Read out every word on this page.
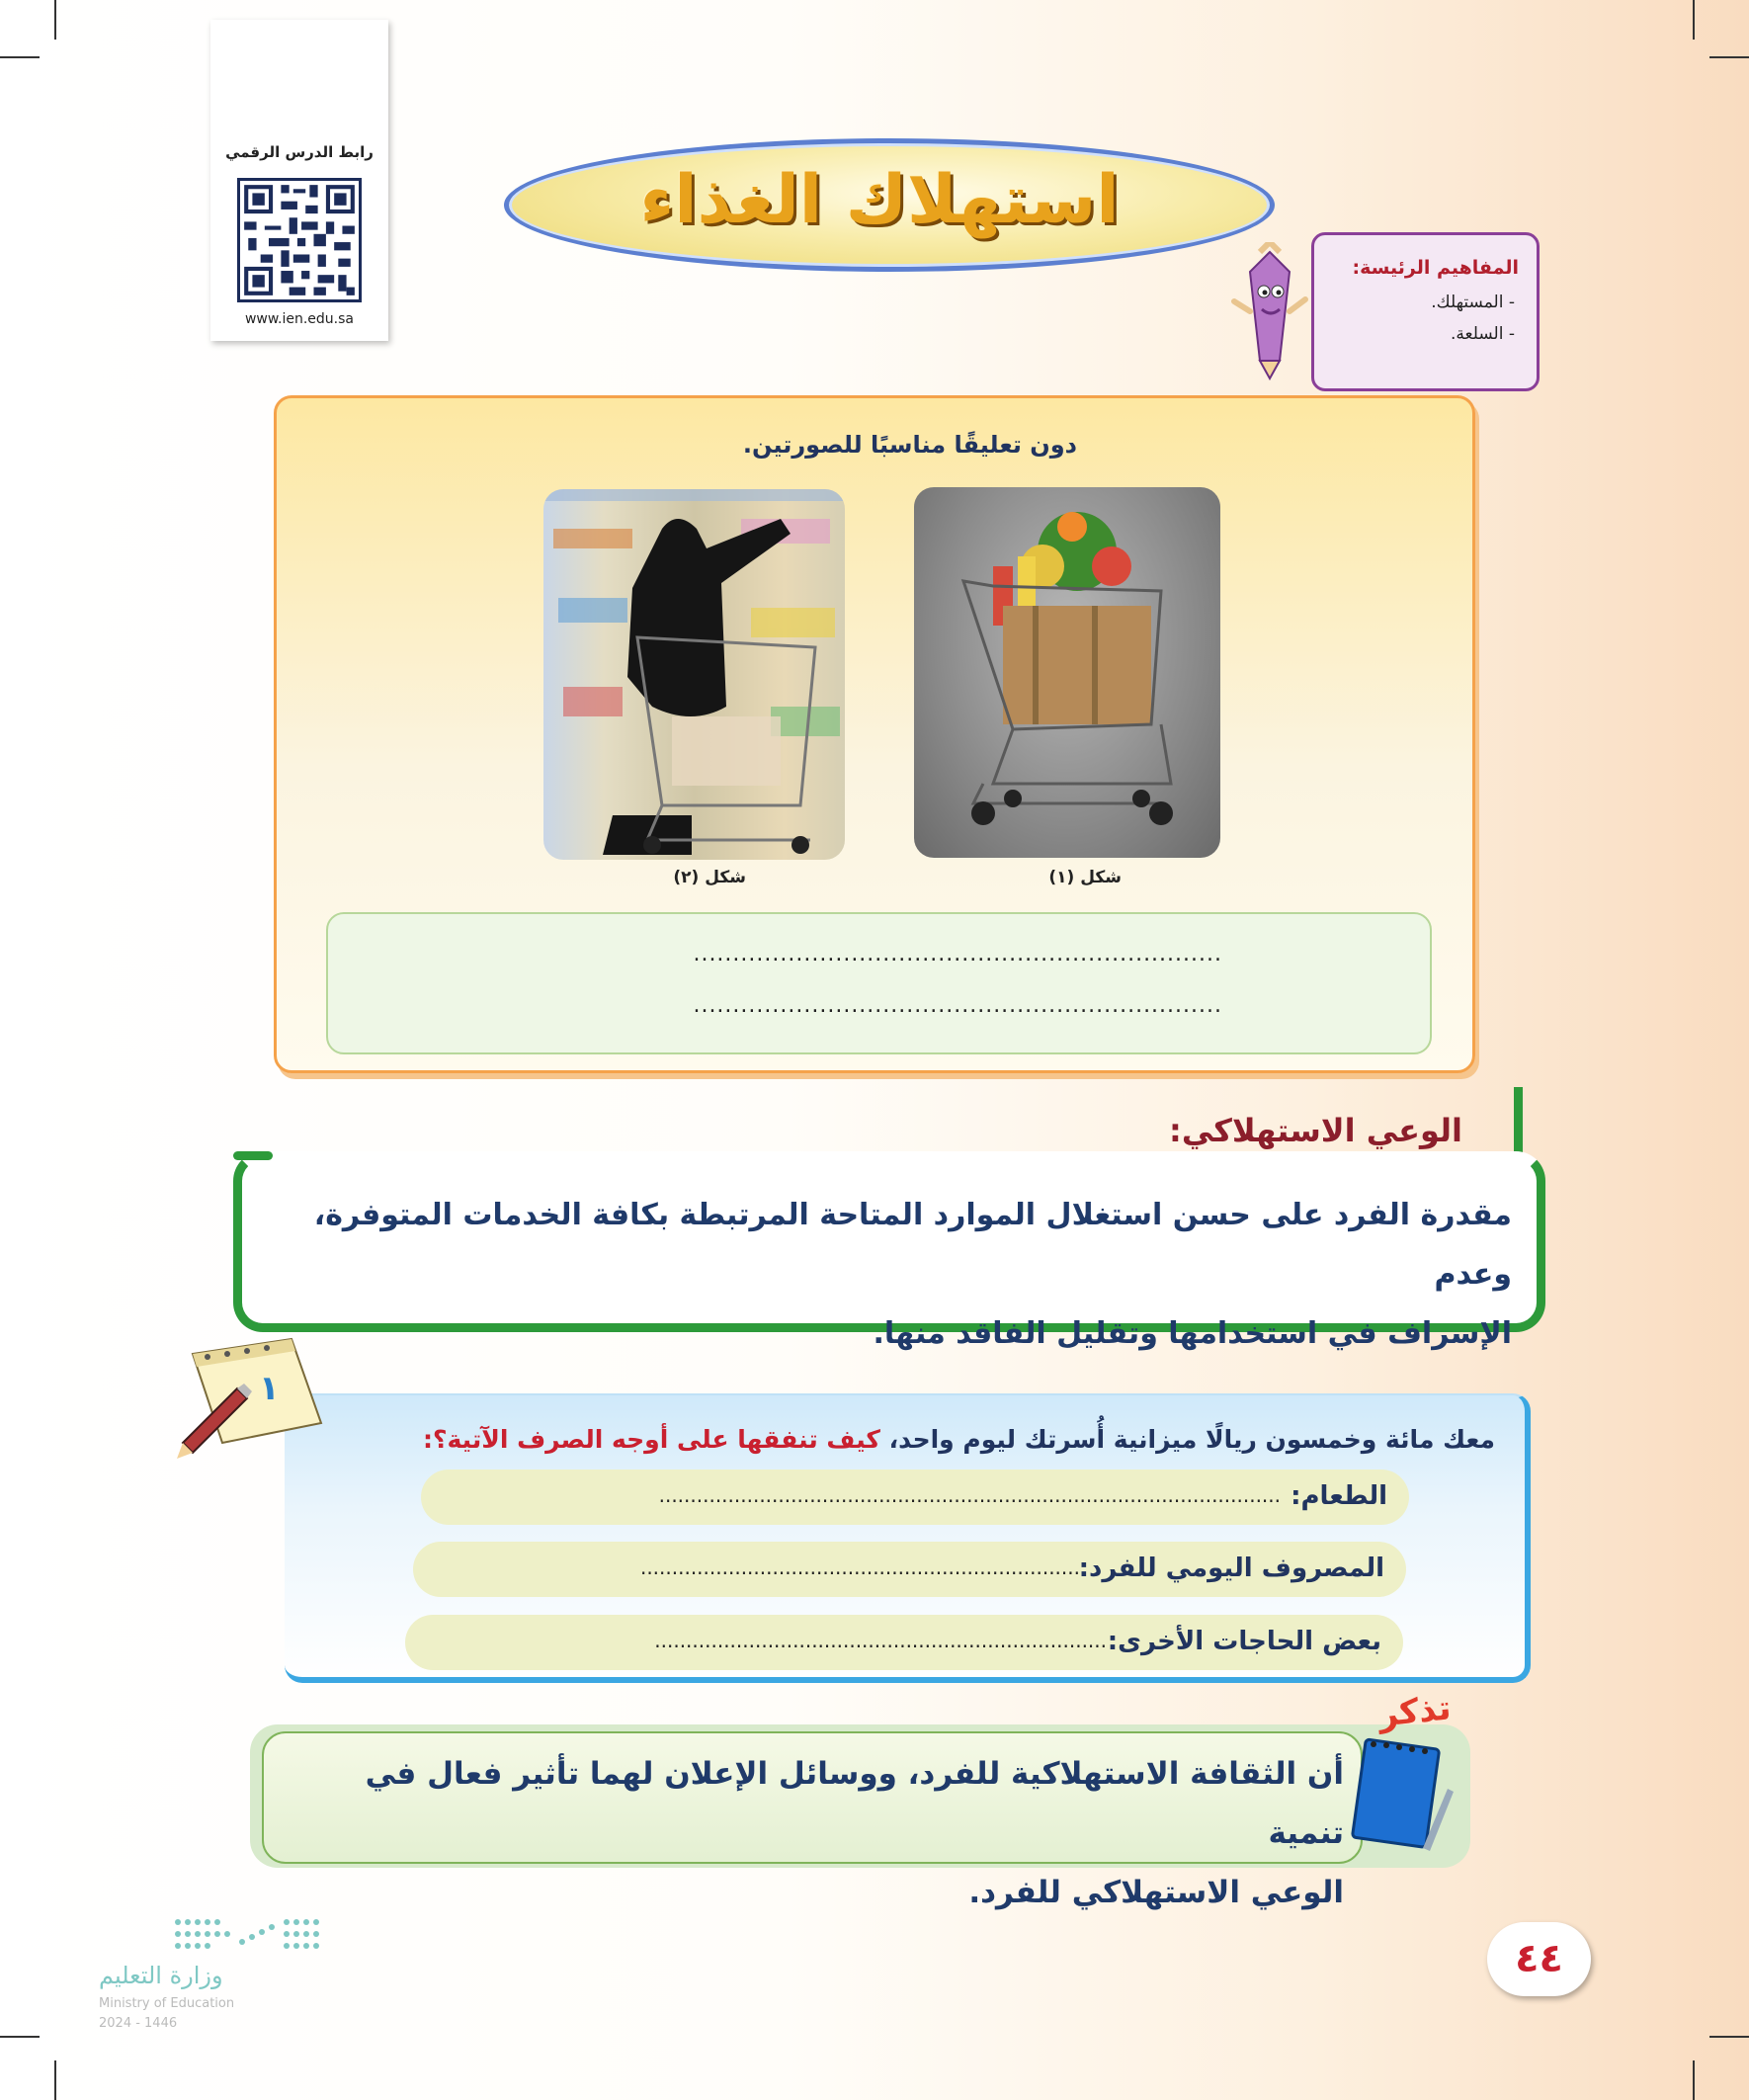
رابط الدرس الرقمي
www.ien.edu.sa
استهلاك الغذاء
المفاهيم الرئيسة:
- المستهلك.
- السلعة.
دون تعليقًا مناسبًا للصورتين.
شكل (١)
شكل (٢)
...................................................................
...................................................................
الوعي الاستهلاكي:
مقدرة الفرد على حسن استغلال الموارد المتاحة المرتبطة بكافة الخدمات المتوفرة، وعدم
الإسراف في استخدامها وتقليل الفاقد منها.
معك مائة وخمسون ريالًا ميزانية أُسرتك ليوم واحد، كيف تنفقها على أوجه الصرف الآتية؟:
الطعام:
...................................................................................................
المصروف اليومي للفرد:
......................................................................
بعض الحاجات الأخرى:
........................................................................
١
أن الثقافة الاستهلاكية للفرد، ووسائل الإعلان لهما تأثير فعال في تنمية
الوعي الاستهلاكي للفرد.
تذكر
٤٤
وزارة التعليم
Ministry of Education
2024 - 1446
